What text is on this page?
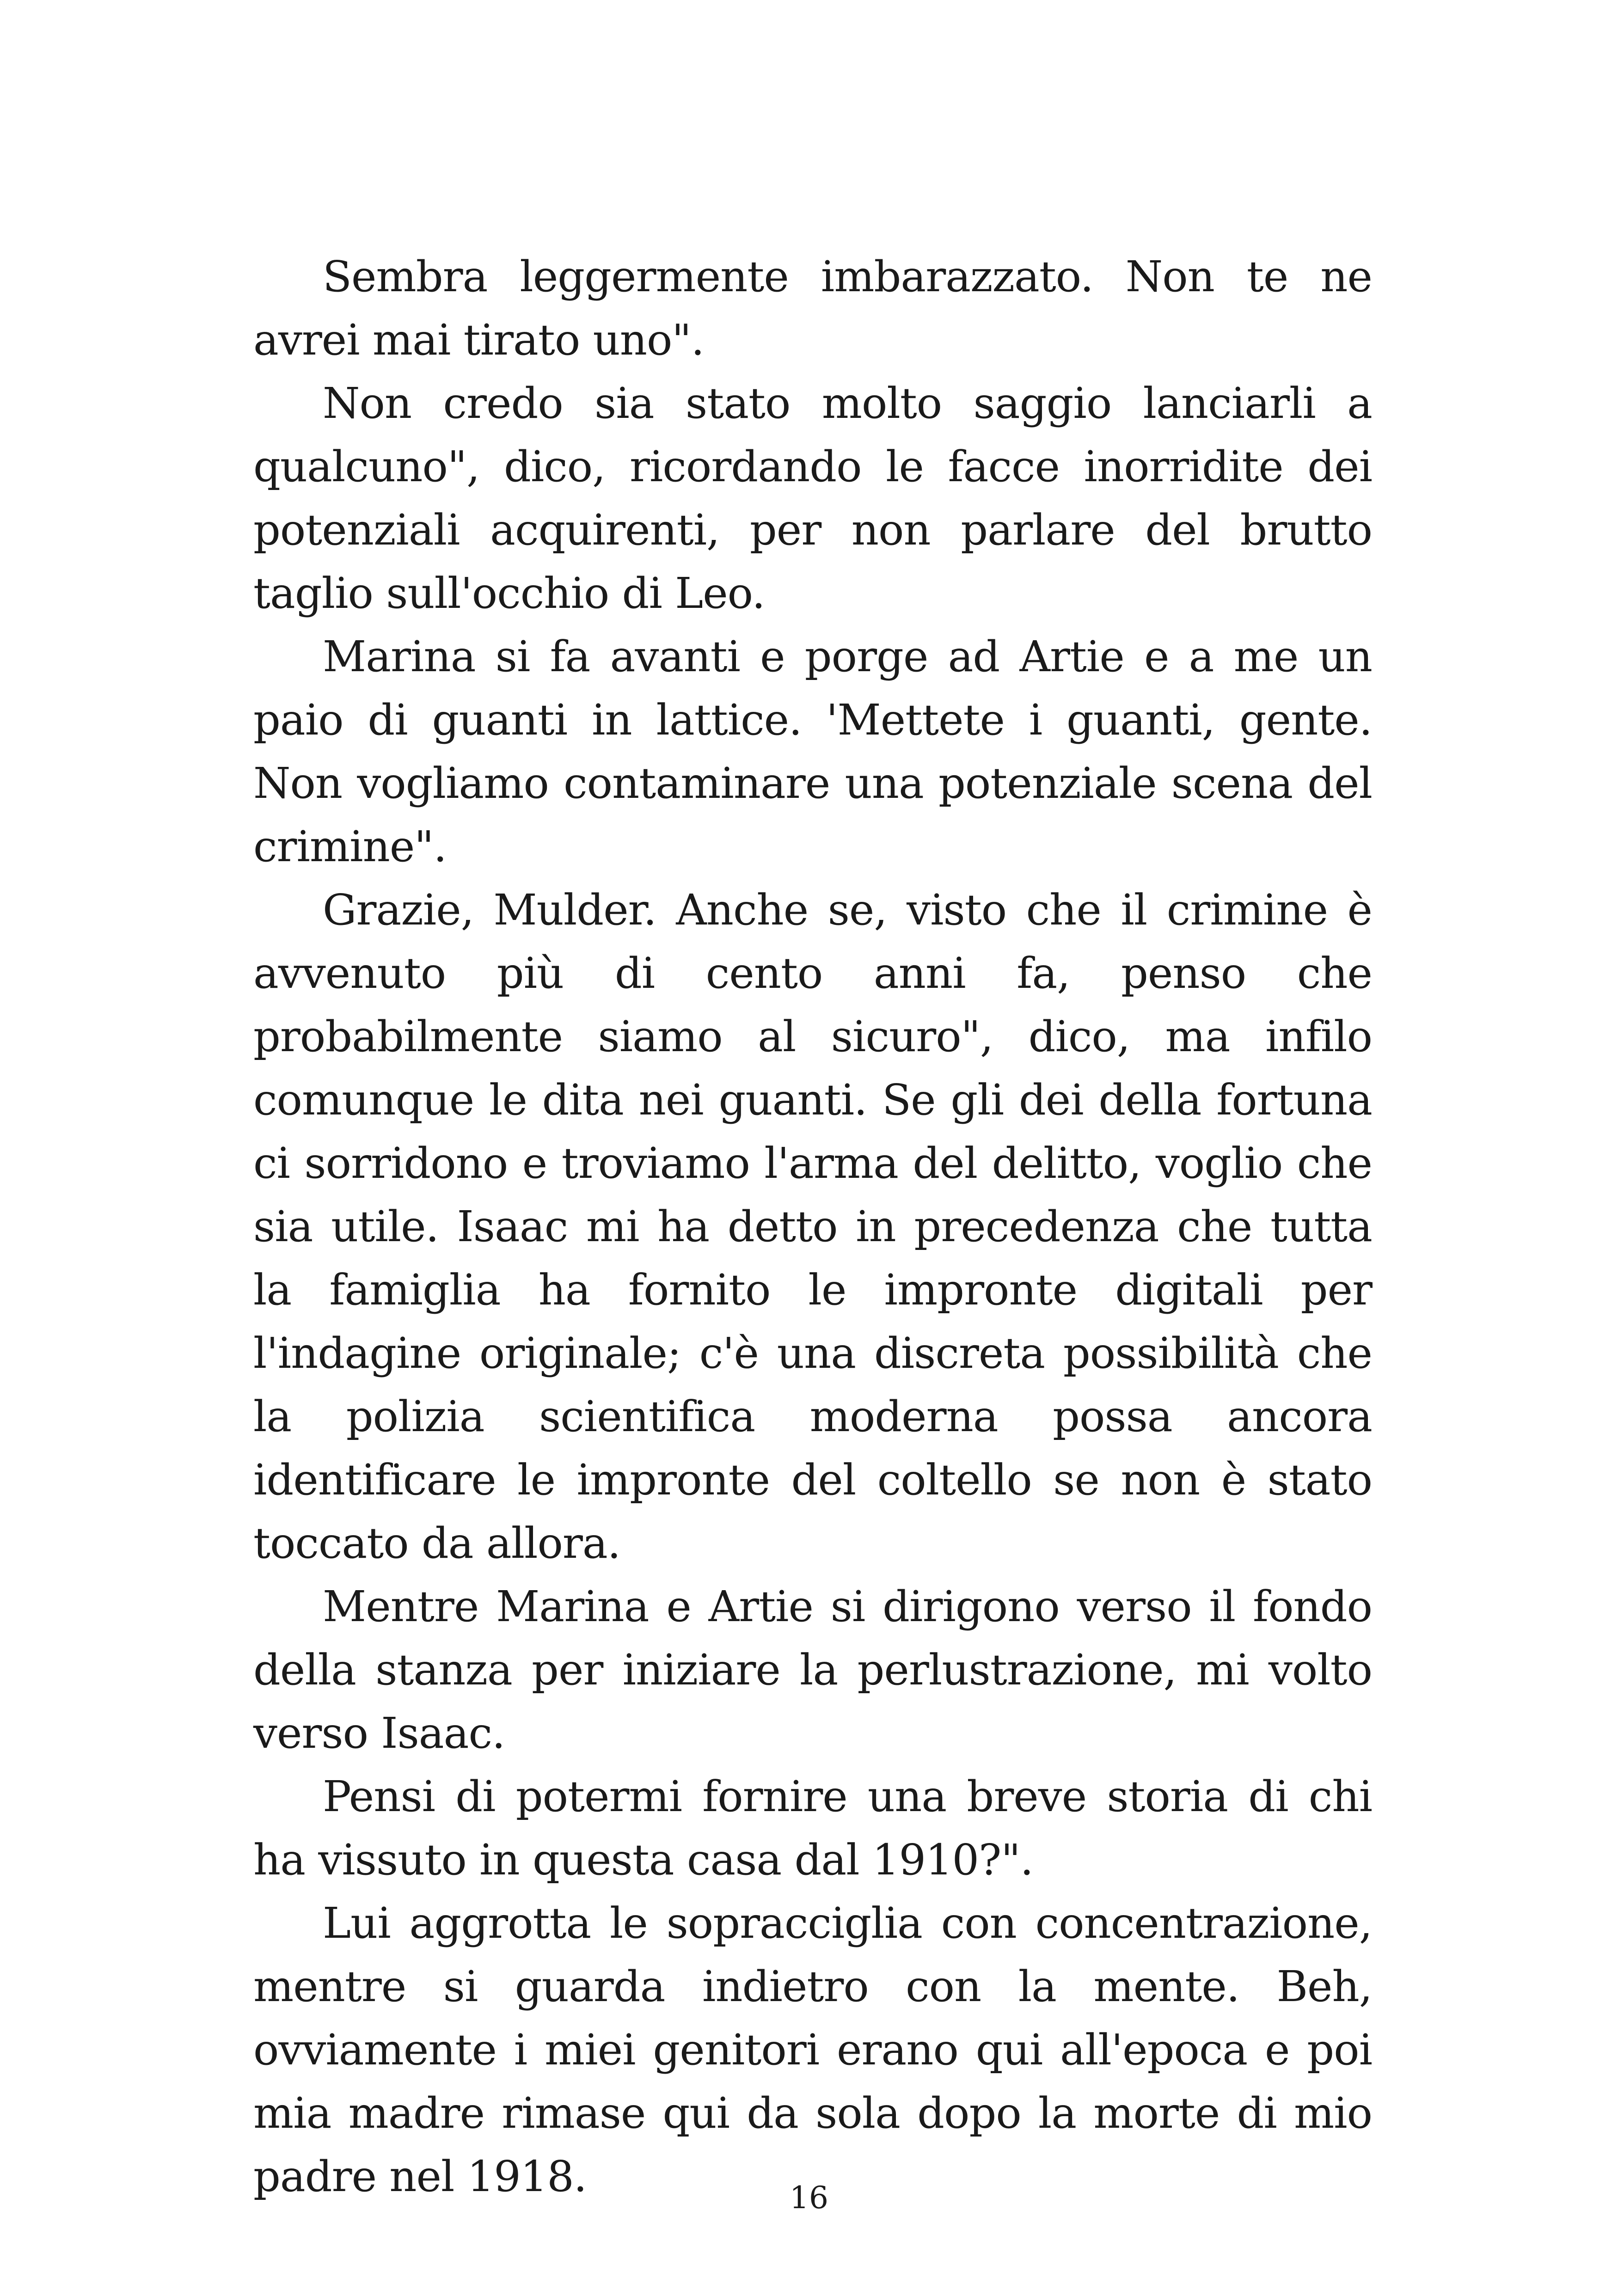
Sembra leggermente imbarazzato. Non te ne avrei mai tirato uno".

Non credo sia stato molto saggio lanciarli a qualcuno", dico, ricordando le facce inorridite dei potenziali acquirenti, per non parlare del brutto taglio sull'occhio di Leo.

Marina si fa avanti e porge ad Artie e a me un paio di guanti in lattice. 'Mettete i guanti, gente. Non vogliamo contaminare una potenziale scena del crimine".

Grazie, Mulder. Anche se, visto che il crimine è avvenuto più di cento anni fa, penso che probabilmente siamo al sicuro", dico, ma infilo comunque le dita nei guanti. Se gli dei della fortuna ci sorridono e troviamo l'arma del delitto, voglio che sia utile. Isaac mi ha detto in precedenza che tutta la famiglia ha fornito le impronte digitali per l'indagine originale; c'è una discreta possibilità che la polizia scientifica moderna possa ancora identificare le impronte del coltello se non è stato toccato da allora.

Mentre Marina e Artie si dirigono verso il fondo della stanza per iniziare la perlustrazione, mi volto verso Isaac.

Pensi di potermi fornire una breve storia di chi ha vissuto in questa casa dal 1910?".

Lui aggrotta le sopracciglia con concentrazione, mentre si guarda indietro con la mente. Beh, ovviamente i miei genitori erano qui all'epoca e poi mia madre rimase qui da sola dopo la morte di mio padre nel 1918.	16
